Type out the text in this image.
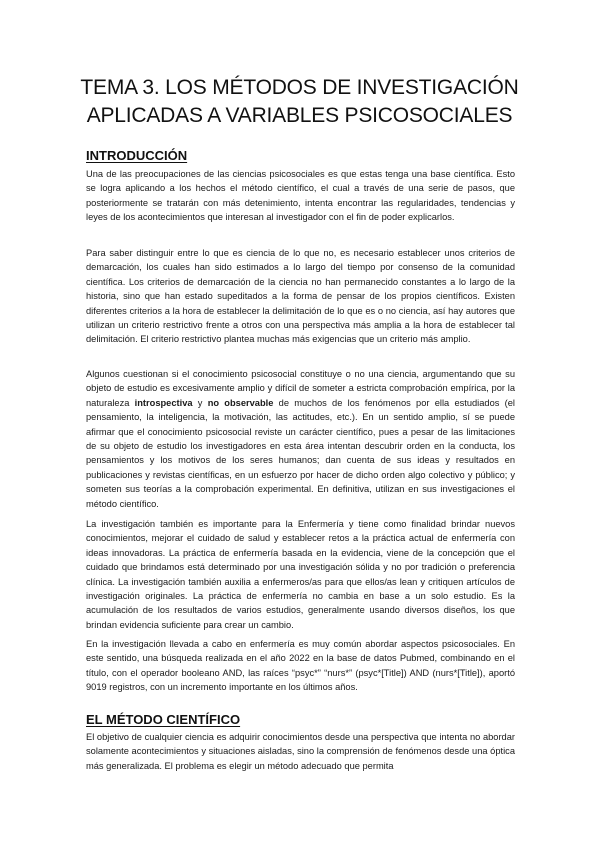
TEMA 3. LOS MÉTODOS DE INVESTIGACIÓN
APLICADAS A VARIABLES PSICOSOCIALES
INTRODUCCIÓN

Una de las preocupaciones de las ciencias psicosociales es que estas tenga una base científica. Esto se logra aplicando a los hechos el método científico, el cual a través de una serie de pasos, que posteriormente se tratarán con más detenimiento, intenta encontrar las regularidades, tendencias y leyes de los acontecimientos que interesan al investigador con el fin de poder explicarlos.

Para saber distinguir entre lo que es ciencia de lo que no, es necesario establecer unos criterios de demarcación, los cuales han sido estimados a lo largo del tiempo por consenso de la comunidad científica. Los criterios de demarcación de la ciencia no han permanecido constantes a lo largo de la historia, sino que han estado supeditados a la forma de pensar de los propios científicos. Existen diferentes criterios a la hora de establecer la delimitación de lo que es o no ciencia, así hay autores que utilizan un criterio restrictivo frente a otros con una perspectiva más amplia a la hora de establecer tal delimitación. El criterio restrictivo plantea muchas más exigencias que un criterio más amplio.

Algunos cuestionan si el conocimiento psicosocial constituye o no una ciencia, argumentando que su objeto de estudio es excesivamente amplio y difícil de someter a estricta comprobación empírica, por la naturaleza introspectiva y no observable de muchos de los fenómenos por ella estudiados (el pensamiento, la inteligencia, la motivación, las actitudes, etc.). En un sentido amplio, sí se puede afirmar que el conocimiento psicosocial reviste un carácter científico, pues a pesar de las limitaciones de su objeto de estudio los investigadores en esta área intentan descubrir orden en la conducta, los pensamientos y los motivos de los seres humanos; dan cuenta de sus ideas y resultados en publicaciones y revistas científicas, en un esfuerzo por hacer de dicho orden algo colectivo y público; y someten sus teorías a la comprobación experimental. En definitiva, utilizan en sus investigaciones el método científico.

La investigación también es importante para la Enfermería y tiene como finalidad brindar nuevos conocimientos, mejorar el cuidado de salud y establecer retos a la práctica actual de enfermería con ideas innovadoras. La práctica de enfermería basada en la evidencia, viene de la concepción que el cuidado que brindamos está determinado por una investigación sólida y no por tradición o preferencia clínica. La investigación también auxilia a enfermeros/as para que ellos/as lean y critiquen artículos de investigación originales. La práctica de enfermería no cambia en base a un solo estudio. Es la acumulación de los resultados de varios estudios, generalmente usando diversos diseños, los que brindan evidencia suficiente para crear un cambio.

En la investigación llevada a cabo en enfermería es muy común abordar aspectos psicosociales. En este sentido, una búsqueda realizada en el año 2022 en la base de datos Pubmed, combinando en el título, con el operador booleano AND, las raíces “psyc*” “nurs*” (psyc*[Title]) AND (nurs*[Title]), aportó 9019 registros, con un incremento importante en los últimos años.

EL MÉTODO CIENTÍFICO

El objetivo de cualquier ciencia es adquirir conocimientos desde una perspectiva que intenta no abordar solamente acontecimientos y situaciones aisladas, sino la comprensión de fenómenos desde una óptica más generalizada. El problema es elegir un método adecuado que permita
